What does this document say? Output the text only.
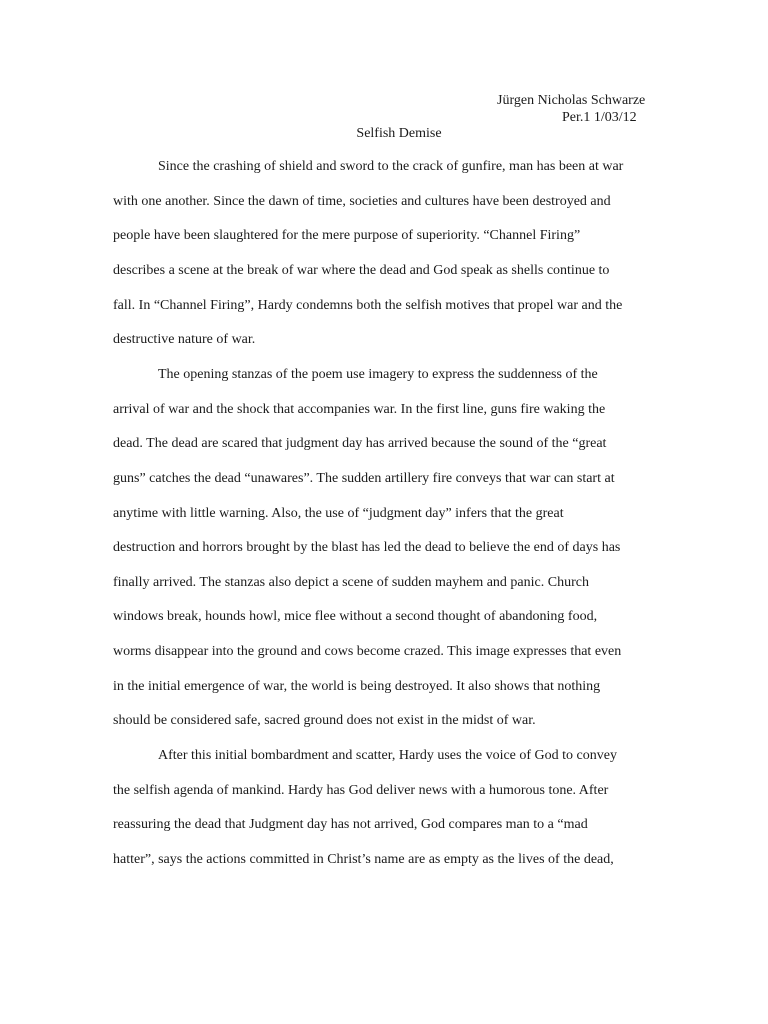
Jürgen Nicholas Schwarze
Per.1 1/03/12
Selfish Demise
Since the crashing of shield and sword to the crack of gunfire, man has been at war
with one another. Since the dawn of time, societies and cultures have been destroyed and
people have been slaughtered for the mere purpose of superiority. “Channel Firing”
describes a scene at the break of war where the dead and God speak as shells continue to
fall. In “Channel Firing”, Hardy condemns both the selfish motives that propel war and the
destructive nature of war.
The opening stanzas of the poem use imagery to express the suddenness of the
arrival of war and the shock that accompanies war. In the first line, guns fire waking the
dead. The dead are scared that judgment day has arrived because the sound of the “great
guns” catches the dead “unawares”. The sudden artillery fire conveys that war can start at
anytime with little warning. Also, the use of “judgment day” infers that the great
destruction and horrors brought by the blast has led the dead to believe the end of days has
finally arrived. The stanzas also depict a scene of sudden mayhem and panic. Church
windows break, hounds howl, mice flee without a second thought of abandoning food,
worms disappear into the ground and cows become crazed. This image expresses that even
in the initial emergence of war, the world is being destroyed. It also shows that nothing
should be considered safe, sacred ground does not exist in the midst of war.
After this initial bombardment and scatter, Hardy uses the voice of God to convey
the selfish agenda of mankind. Hardy has God deliver news with a humorous tone. After
reassuring the dead that Judgment day has not arrived, God compares man to a “mad
hatter”, says the actions committed in Christ’s name are as empty as the lives of the dead,
